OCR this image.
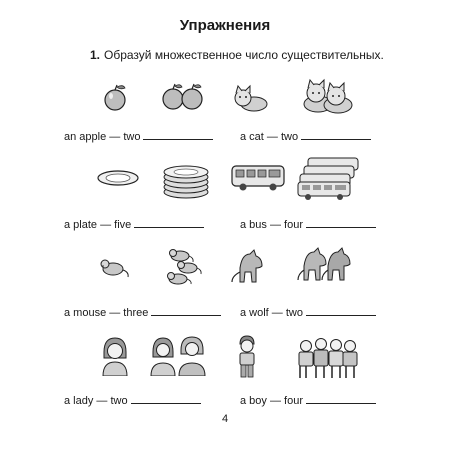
Упражнения
1. Образуй множественное число существительных.
an apple — two	a cat — two
a plate — five	a bus — four
a mouse — three	a wolf — two
a lady — two	a boy — four
4
